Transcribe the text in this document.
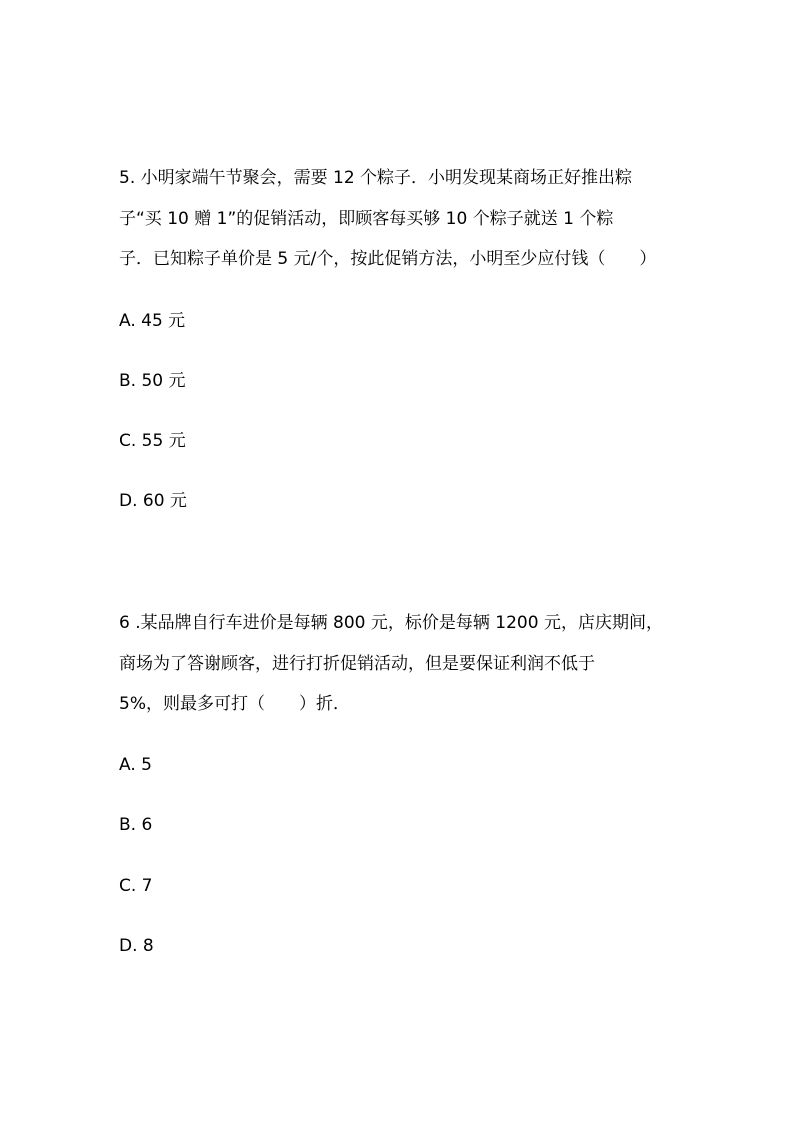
5. 小明家端午节聚会，需要 12 个粽子．小明发现某商场正好推出粽
子“买 10 赠 1”的促销活动，即顾客每买够 10 个粽子就送 1 个粽
子．已知粽子单价是 5 元/个，按此促销方法，小明至少应付钱（　　）
A. 45 元
B. 50 元
C. 55 元
D. 60 元
6 .某品牌自行车进价是每辆 800 元，标价是每辆 1200 元，店庆期间，
商场为了答谢顾客，进行打折促销活动，但是要保证利润不低于
5%，则最多可打（　　）折．
A. 5
B. 6
C. 7
D. 8
